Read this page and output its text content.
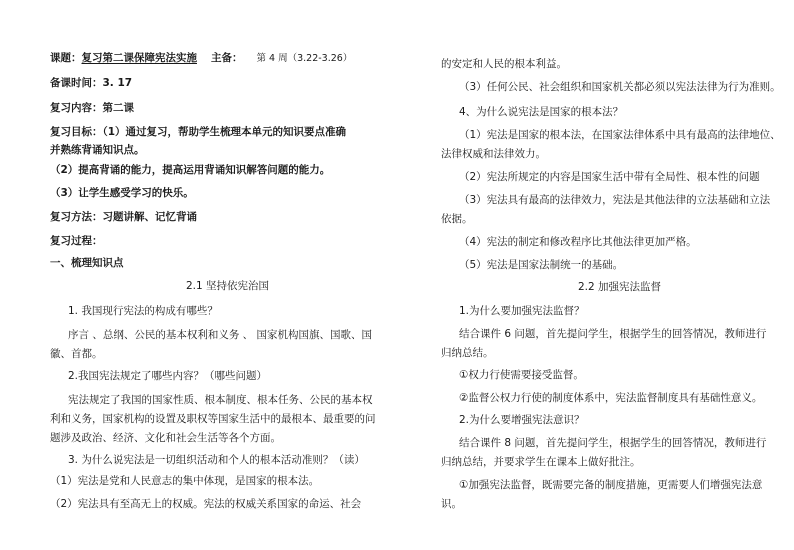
课题：复习第二课保障宪法实施 主备： 第 4 周（3.22-3.26）
备课时间：3. 17
复习内容：第二课
复习目标：（1）通过复习，帮助学生梳理本单元的知识要点准确
并熟练背诵知识点。
（2）提高背诵的能力，提高运用背诵知识解答问题的能力。
（3）让学生感受学习的快乐。
复习方法：习题讲解、记忆背诵
复习过程：
一、梳理知识点
2.1 坚持依宪治国
1. 我国现行宪法的构成有哪些？
序言 、总纲、公民的基本权利和义务 、 国家机构国旗、国歌、国
徽、首都。
2.我国宪法规定了哪些内容？（哪些问题）
宪法规定了我国的国家性质、根本制度、根本任务、公民的基本权
利和义务，国家机构的设置及职权等国家生活中的最根本、最重要的问
题涉及政治、经济、文化和社会生活等各个方面。
3. 为什么说宪法是一切组织活动和个人的根本活动准则？（读）
（1）宪法是党和人民意志的集中体现，是国家的根本法。
（2）宪法具有至高无上的权威。宪法的权威关系国家的命运、社会
的安定和人民的根本利益。
（3）任何公民、社会组织和国家机关都必须以宪法法律为行为准则。
4、为什么说宪法是国家的根本法？
（1）宪法是国家的根本法，在国家法律体系中具有最高的法律地位、
法律权威和法律效力。
（2）宪法所规定的内容是国家生活中带有全局性、根本性的问题
（3）宪法具有最高的法律效力，宪法是其他法律的立法基础和立法
依据。
（4）宪法的制定和修改程序比其他法律更加严格。
（5）宪法是国家法制统一的基础。
2.2 加强宪法监督
1.为什么要加强宪法监督？
结合课件 6 问题，首先提问学生，根据学生的回答情况，教师进行
归纳总结。
①权力行使需要接受监督。
②监督公权力行使的制度体系中，宪法监督制度具有基础性意义。
2.为什么要增强宪法意识？
结合课件 8 问题，首先提问学生，根据学生的回答情况，教师进行
归纳总结，并要求学生在课本上做好批注。
①加强宪法监督，既需要完备的制度措施，更需要人们增强宪法意
识。
